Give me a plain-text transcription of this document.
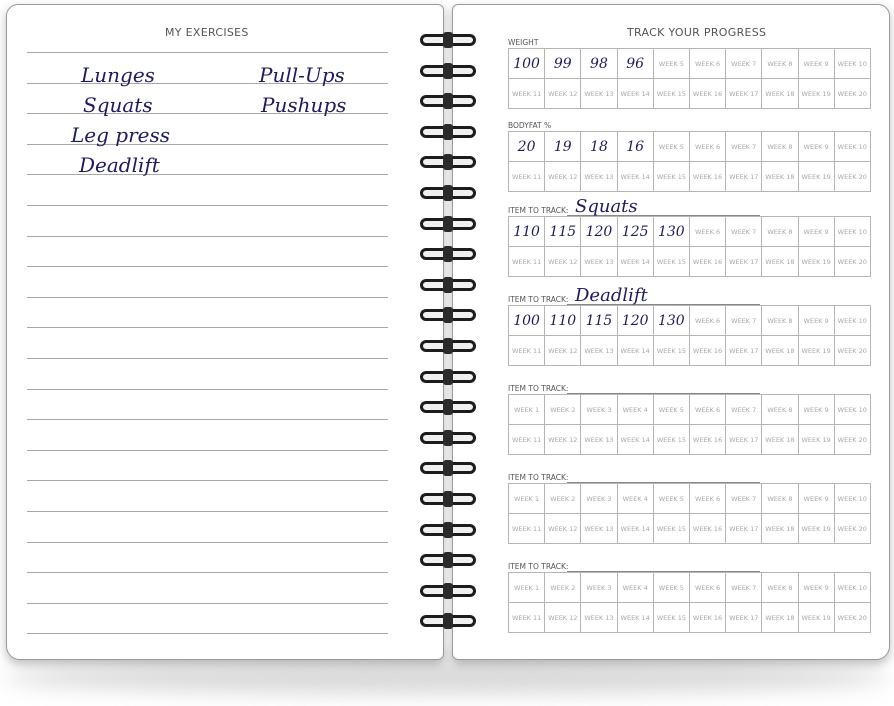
MY EXERCISES
Lunges
Squats
Leg press
Deadlift
Pull-Ups
Pushups
TRACK YOUR PROGRESS
WEIGHT
100	99	98	96	WEEK 5	WEEK 6	WEEK 7	WEEK 8	WEEK 9	WEEK 10
WEEK 11	WEEK 12	WEEK 13	WEEK 14	WEEK 15	WEEK 16	WEEK 17	WEEK 18	WEEK 19	WEEK 20
BODYFAT %
20	19	18	16	WEEK 5	WEEK 6	WEEK 7	WEEK 8	WEEK 9	WEEK 10
WEEK 11	WEEK 12	WEEK 13	WEEK 14	WEEK 15	WEEK 16	WEEK 17	WEEK 18	WEEK 19	WEEK 20
ITEM TO TRACK: Squats
110	115	120	125	130	WEEK 6	WEEK 7	WEEK 8	WEEK 9	WEEK 10
WEEK 11	WEEK 12	WEEK 13	WEEK 14	WEEK 15	WEEK 16	WEEK 17	WEEK 18	WEEK 19	WEEK 20
ITEM TO TRACK: Deadlift
100	110	115	120	130	WEEK 6	WEEK 7	WEEK 8	WEEK 9	WEEK 10
WEEK 11	WEEK 12	WEEK 13	WEEK 14	WEEK 15	WEEK 16	WEEK 17	WEEK 18	WEEK 19	WEEK 20
ITEM TO TRACK:
WEEK 1	WEEK 2	WEEK 3	WEEK 4	WEEK 5	WEEK 6	WEEK 7	WEEK 8	WEEK 9	WEEK 10
WEEK 11	WEEK 12	WEEK 13	WEEK 14	WEEK 15	WEEK 16	WEEK 17	WEEK 18	WEEK 19	WEEK 20
ITEM TO TRACK:
WEEK 1	WEEK 2	WEEK 3	WEEK 4	WEEK 5	WEEK 6	WEEK 7	WEEK 8	WEEK 9	WEEK 10
WEEK 11	WEEK 12	WEEK 13	WEEK 14	WEEK 15	WEEK 16	WEEK 17	WEEK 18	WEEK 19	WEEK 20
ITEM TO TRACK:
WEEK 1	WEEK 2	WEEK 3	WEEK 4	WEEK 5	WEEK 6	WEEK 7	WEEK 8	WEEK 9	WEEK 10
WEEK 11	WEEK 12	WEEK 13	WEEK 14	WEEK 15	WEEK 16	WEEK 17	WEEK 18	WEEK 19	WEEK 20
